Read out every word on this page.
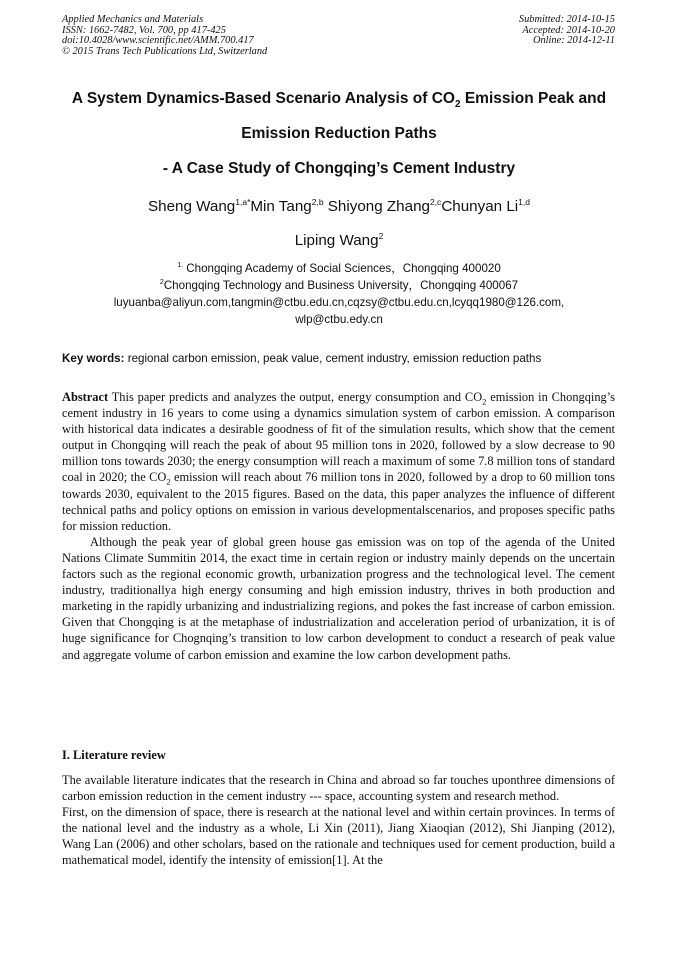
Applied Mechanics and Materials
ISSN: 1662-7482, Vol. 700, pp 417-425
doi:10.4028/www.scientific.net/AMM.700.417
© 2015 Trans Tech Publications Ltd, Switzerland
Submitted: 2014-10-15
Accepted: 2014-10-20
Online: 2014-12-11
A System Dynamics-Based Scenario Analysis of $CO_2$ Emission Peak and
Emission Reduction Paths
- A Case Study of Chongqing’s Cement Industry
Sheng Wang$^{1,a*}$Min Tang$^{2,b}$ Shiyong Zhang$^{2,c}$Chunyan Li$^{1,d}$
Liping Wang$^2$
$^{1.}$ Chongqing Academy of Social Sciences，Chongqing 400020
$^2$Chongqing Technology and Business University，Chongqing 400067
luyuanba@aliyun.com,tangmin@ctbu.edu.cn,cqzsy@ctbu.edu.cn,lcyqq1980@126.com,
wlp@ctbu.edy.cn
Key words: regional carbon emission, peak value, cement industry, emission reduction paths

Abstract This paper predicts and analyzes the output, energy consumption and $CO_2$ emission in Chongqing’s cement industry in 16 years to come using a dynamics simulation system of carbon emission. A comparison with historical data indicates a desirable goodness of fit of the simulation results, which show that the cement output in Chongqing will reach the peak of about 95 million tons in 2020, followed by a slow decrease to 90 million tons towards 2030; the energy consumption will reach a maximum of some 7.8 million tons of standard coal in 2020; the $CO_2$ emission will reach about 76 million tons in 2020, followed by a drop to 60 million tons towards 2030, equivalent to the 2015 figures. Based on the data, this paper analyzes the influence of different technical paths and policy options on emission in various developmentalscenarios, and proposes specific paths for mission reduction.

Although the peak year of global green house gas emission was on top of the agenda of the United Nations Climate Summitin 2014, the exact time in certain region or industry mainly depends on the uncertain factors such as the regional economic growth, urbanization progress and the technological level. The cement industry, traditionallya high energy consuming and high emission industry, thrives in both production and marketing in the rapidly urbanizing and industrializing regions, and pokes the fast increase of carbon emission. Given that Chongqing is at the metaphase of industrialization and acceleration period of urbanization, it is of huge significance for Chognqing’s transition to low carbon development to conduct a research of peak value and aggregate volume of carbon emission and examine the low carbon development paths.

I. Literature review

The available literature indicates that the research in China and abroad so far touches uponthree dimensions of carbon emission reduction in the cement industry --- space, accounting system and research method.

First, on the dimension of space, there is research at the national level and within certain provinces. In terms of the national level and the industry as a whole, Li Xin (2011), Jiang Xiaoqian (2012), Shi Jianping (2012), Wang Lan (2006) and other scholars, based on the rationale and techniques used for cement production, build a mathematical model, identify the intensity of emission[1]. At the
